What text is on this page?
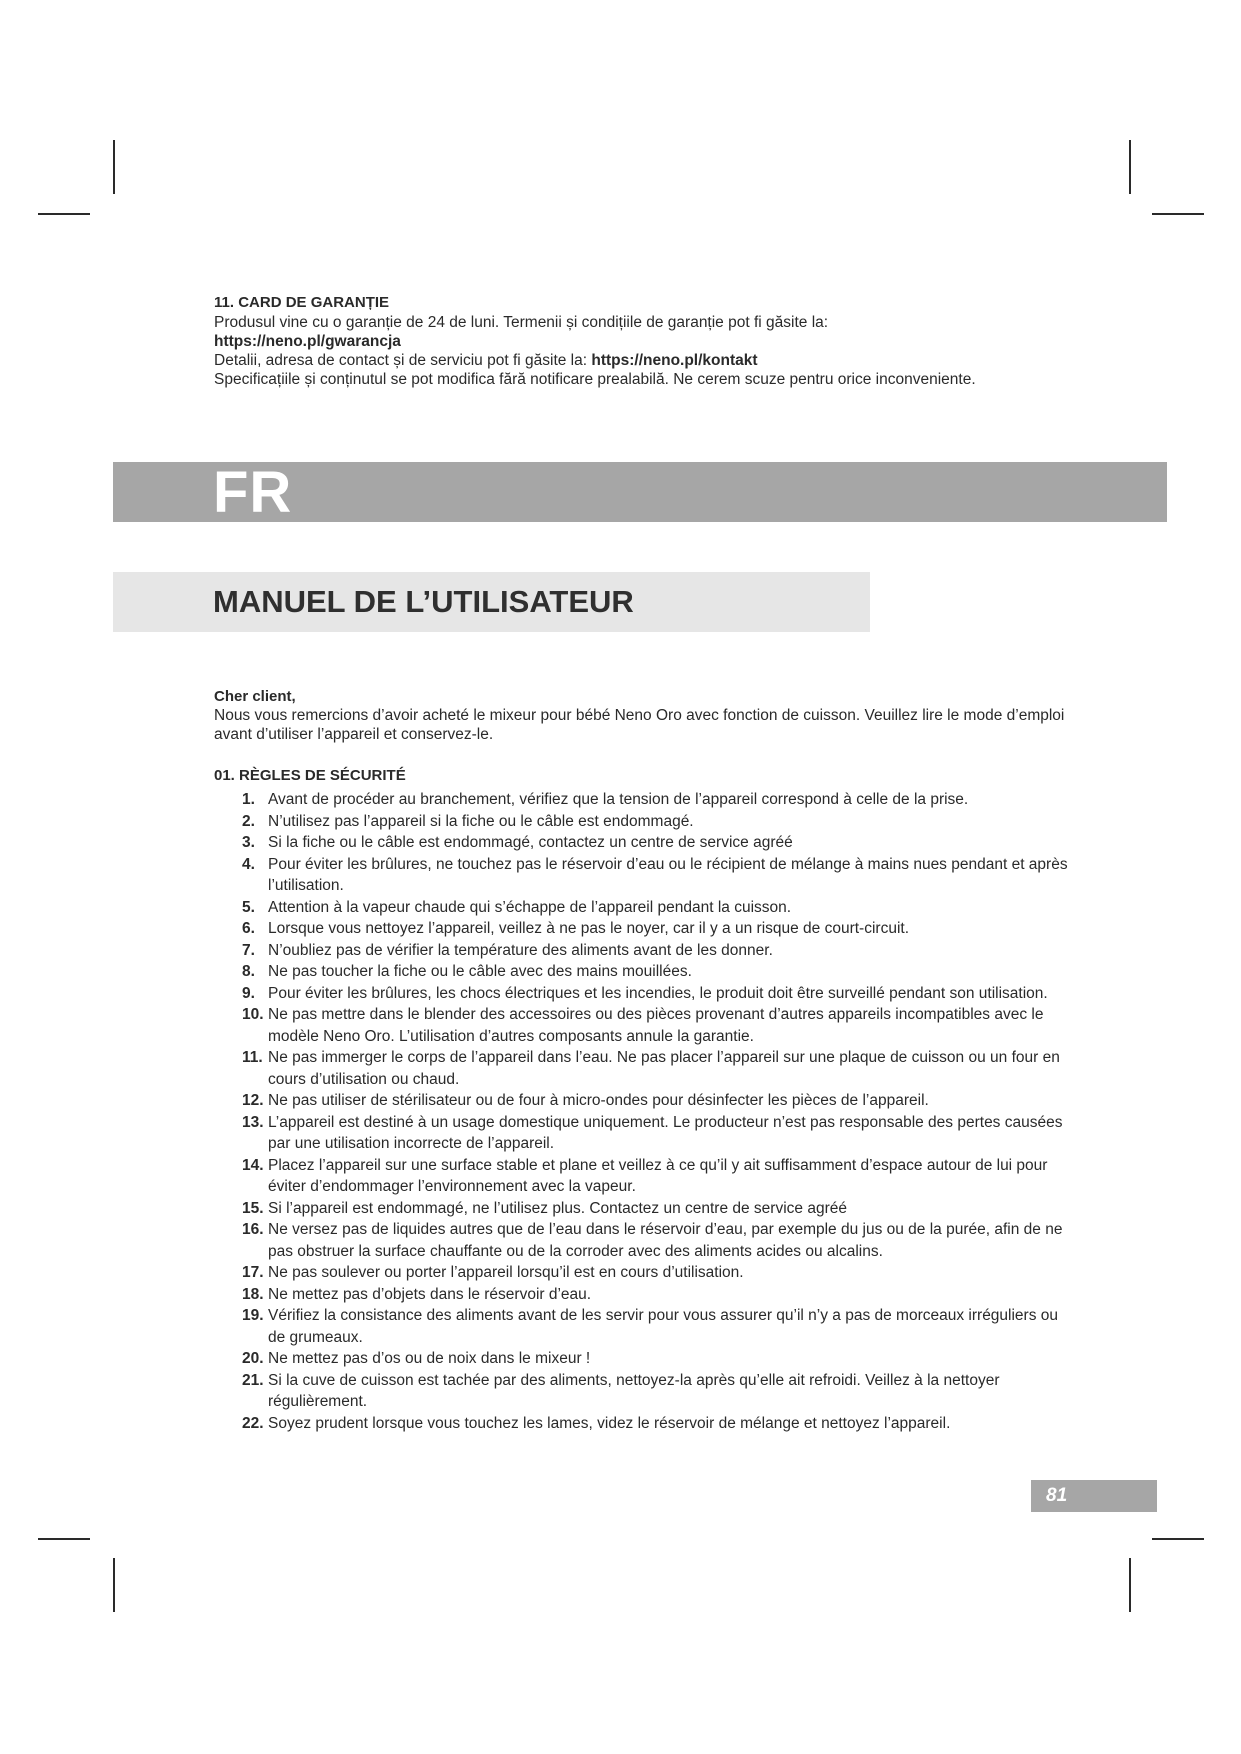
11. CARD DE GARANȚIE

Produsul vine cu o garanție de 24 de luni. Termenii și condițiile de garanție pot fi găsite la:

https://neno.pl/gwarancja

Detalii, adresa de contact și de serviciu pot fi găsite la: https://neno.pl/kontakt

Specificațiile și conținutul se pot modifica fără notificare prealabilă. Ne cerem scuze pentru orice inconveniente.

FR
MANUEL DE L’UTILISATEUR
Cher client,

Nous vous remercions d’avoir acheté le mixeur pour bébé Neno Oro avec fonction de cuisson. Veuillez lire le mode d’emploi avant d’utiliser l’appareil et conservez-le.

01. RÈGLES DE SÉCURITÉ
1. Avant de procéder au branchement, vérifiez que la tension de l’appareil correspond à celle de la prise.
2. N’utilisez pas l’appareil si la fiche ou le câble est endommagé.
3. Si la fiche ou le câble est endommagé, contactez un centre de service agréé
4. Pour éviter les brûlures, ne touchez pas le réservoir d’eau ou le récipient de mélange à mains nues pendant et après l’utilisation.
5. Attention à la vapeur chaude qui s’échappe de l’appareil pendant la cuisson.
6. Lorsque vous nettoyez l’appareil, veillez à ne pas le noyer, car il y a un risque de court-circuit.
7. N’oubliez pas de vérifier la température des aliments avant de les donner.
8. Ne pas toucher la fiche ou le câble avec des mains mouillées.
9. Pour éviter les brûlures, les chocs électriques et les incendies, le produit doit être surveillé pendant son utilisation.
10. Ne pas mettre dans le blender des accessoires ou des pièces provenant d’autres appareils incompatibles avec le modèle Neno Oro. L’utilisation d’autres composants annule la garantie.
11. Ne pas immerger le corps de l’appareil dans l’eau. Ne pas placer l’appareil sur une plaque de cuisson ou un four en cours d’utilisation ou chaud.
12. Ne pas utiliser de stérilisateur ou de four à micro-ondes pour désinfecter les pièces de l’appareil.
13. L’appareil est destiné à un usage domestique uniquement. Le producteur n’est pas responsable des pertes causées par une utilisation incorrecte de l’appareil.
14. Placez l’appareil sur une surface stable et plane et veillez à ce qu’il y ait suffisamment d’espace autour de lui pour éviter d’endommager l’environnement avec la vapeur.
15. Si l’appareil est endommagé, ne l’utilisez plus. Contactez un centre de service agréé
16. Ne versez pas de liquides autres que de l’eau dans le réservoir d’eau, par exemple du jus ou de la purée, afin de ne pas obstruer la surface chauffante ou de la corroder avec des aliments acides ou alcalins.
17. Ne pas soulever ou porter l’appareil lorsqu’il est en cours d’utilisation.
18. Ne mettez pas d’objets dans le réservoir d’eau.
19. Vérifiez la consistance des aliments avant de les servir pour vous assurer qu’il n’y a pas de morceaux irréguliers ou de grumeaux.
20. Ne mettez pas d’os ou de noix dans le mixeur !
21. Si la cuve de cuisson est tachée par des aliments, nettoyez-la après qu’elle ait refroidi. Veillez à la nettoyer régulièrement.
22. Soyez prudent lorsque vous touchez les lames, videz le réservoir de mélange et nettoyez l’appareil.
81
